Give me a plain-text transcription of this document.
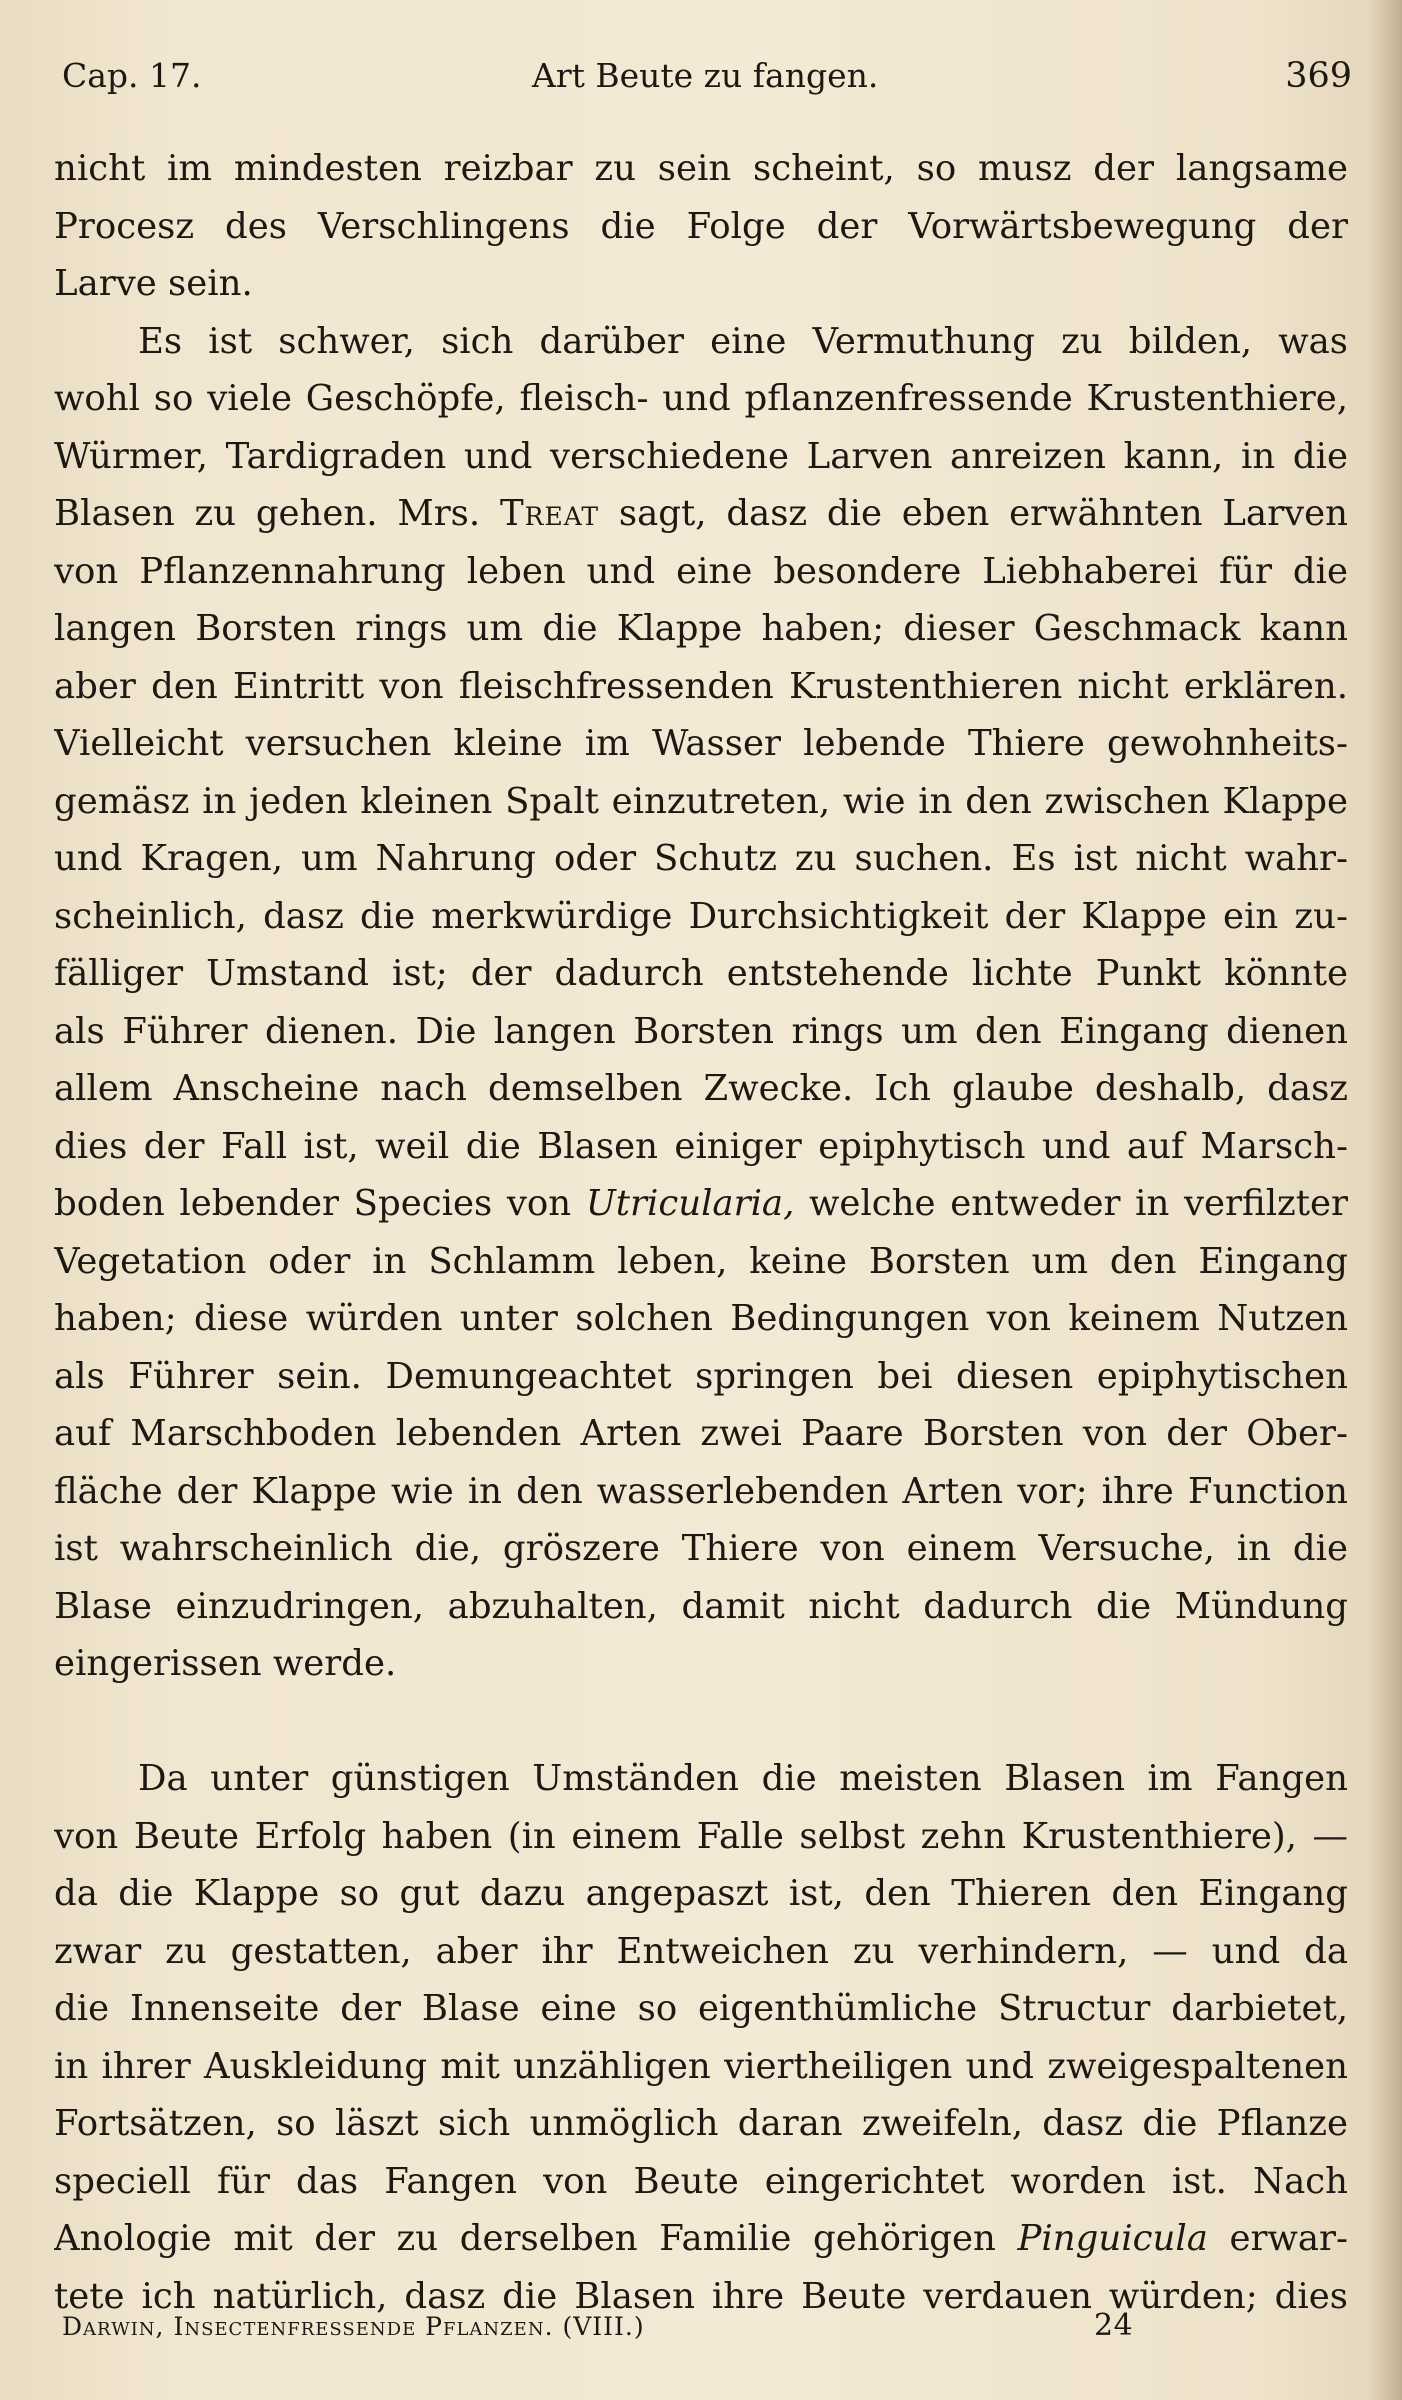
Cap. 17.	Art Beute zu fangen.	369
nicht im mindesten reizbar zu sein scheint, so musz der langsame
Procesz des Verschlingens die Folge der Vorwärtsbewegung der
Larve sein.
Es ist schwer, sich darüber eine Vermuthung zu bilden, was
wohl so viele Geschöpfe, fleisch- und pflanzenfressende Krustenthiere,
Würmer, Tardigraden und verschiedene Larven anreizen kann, in die
Blasen zu gehen. Mrs. Treat sagt, dasz die eben erwähnten Larven
von Pflanzennahrung leben und eine besondere Liebhaberei für die
langen Borsten rings um die Klappe haben; dieser Geschmack kann
aber den Eintritt von fleischfressenden Krustenthieren nicht erklären.
Vielleicht versuchen kleine im Wasser lebende Thiere gewohnheits-
gemäsz in jeden kleinen Spalt einzutreten, wie in den zwischen Klappe
und Kragen, um Nahrung oder Schutz zu suchen. Es ist nicht wahr-
scheinlich, dasz die merkwürdige Durchsichtigkeit der Klappe ein zu-
fälliger Umstand ist; der dadurch entstehende lichte Punkt könnte
als Führer dienen. Die langen Borsten rings um den Eingang dienen
allem Anscheine nach demselben Zwecke. Ich glaube deshalb, dasz
dies der Fall ist, weil die Blasen einiger epiphytisch und auf Marsch-
boden lebender Species von Utricularia, welche entweder in verfilzter
Vegetation oder in Schlamm leben, keine Borsten um den Eingang
haben; diese würden unter solchen Bedingungen von keinem Nutzen
als Führer sein. Demungeachtet springen bei diesen epiphytischen
auf Marschboden lebenden Arten zwei Paare Borsten von der Ober-
fläche der Klappe wie in den wasserlebenden Arten vor; ihre Function
ist wahrscheinlich die, gröszere Thiere von einem Versuche, in die
Blase einzudringen, abzuhalten, damit nicht dadurch die Mündung
eingerissen werde.
Da unter günstigen Umständen die meisten Blasen im Fangen
von Beute Erfolg haben (in einem Falle selbst zehn Krustenthiere), —
da die Klappe so gut dazu angepaszt ist, den Thieren den Eingang
zwar zu gestatten, aber ihr Entweichen zu verhindern, — und da
die Innenseite der Blase eine so eigenthümliche Structur darbietet,
in ihrer Auskleidung mit unzähligen viertheiligen und zweigespaltenen
Fortsätzen, so läszt sich unmöglich daran zweifeln, dasz die Pflanze
speciell für das Fangen von Beute eingerichtet worden ist. Nach
Anologie mit der zu derselben Familie gehörigen Pinguicula erwar-
tete ich natürlich, dasz die Blasen ihre Beute verdauen würden; dies
Darwin, Insectenfressende Pflanzen. (VIII.)	24
